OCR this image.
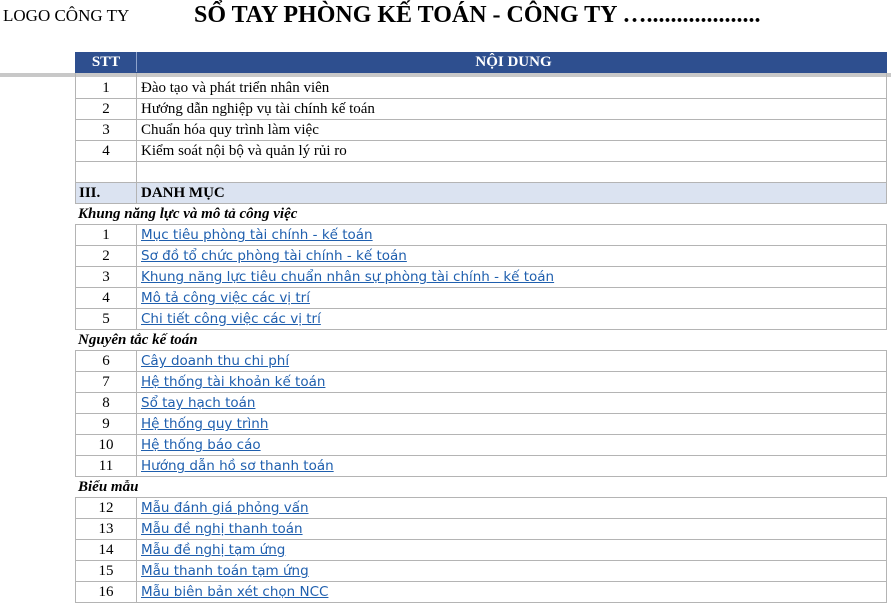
LOGO CÔNG TY	SỔ TAY PHÒNG KẾ TOÁN - CÔNG TY …...................
STT	NỘI DUNG
1	Đào tạo và phát triển nhân viên
2	Hướng dẫn nghiệp vụ tài chính kế toán
3	Chuẩn hóa quy trình làm việc
4	Kiểm soát nội bộ và quản lý rủi ro
III.	DANH MỤC
Khung năng lực và mô tả công việc
1	Mục tiêu phòng tài chính - kế toán
2	Sơ đồ tổ chức phòng tài chính - kế toán
3	Khung năng lực tiêu chuẩn nhân sự phòng tài chính - kế toán
4	Mô tả công việc các vị trí
5	Chi tiết công việc các vị trí
Nguyên tắc kế toán
6	Cây doanh thu chi phí
7	Hệ thống tài khoản kế toán
8	Sổ tay hạch toán
9	Hệ thống quy trình
10	Hệ thống báo cáo
11	Hướng dẫn hồ sơ thanh toán
Biểu mẫu
12	Mẫu đánh giá phỏng vấn
13	Mẫu đề nghị thanh toán
14	Mẫu đề nghị tạm ứng
15	Mẫu thanh toán tạm ứng
16	Mẫu biên bản xét chọn NCC
